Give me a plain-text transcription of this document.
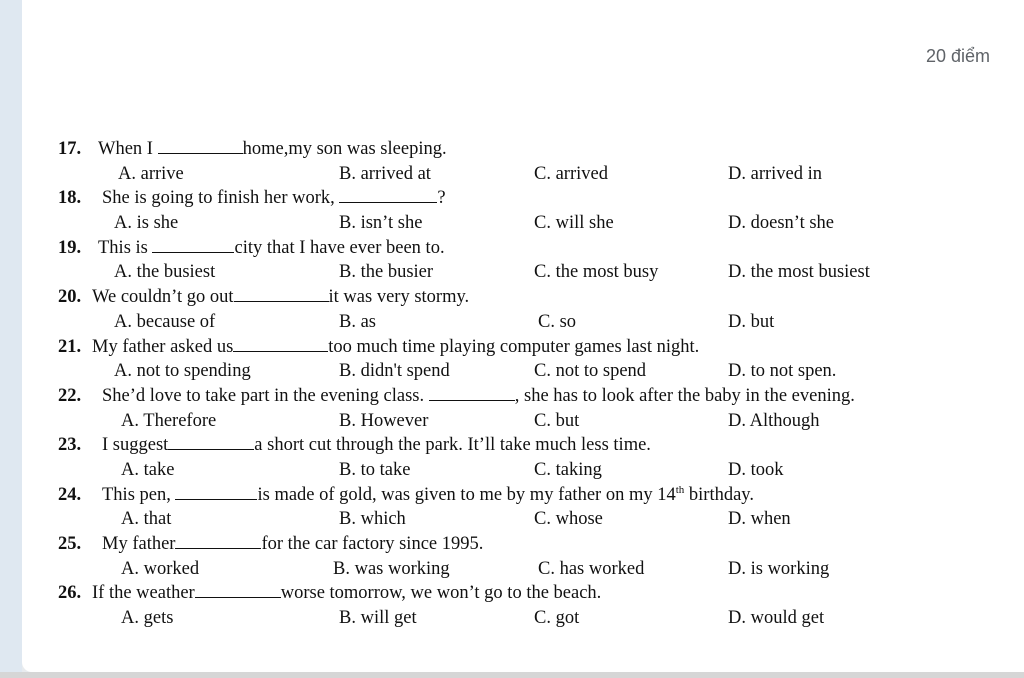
20 điểm
17. When I	home,my son was sleeping.
A. arrive	B. arrived at	C. arrived	D. arrived in
18. She is going to finish her work,	?
A. is she	B. isn’t she	C. will she	D. doesn’t she
19. This is	city that I have ever been to.
A. the busiest	B. the busier	C. the most busy	D. the most busiest
20. We couldn’t go out	it was very stormy.
A. because of	B. as	C. so	D. but
21. My father asked us	too much time playing computer games last night.
A. not to spending	B. didn't spend	C. not to spend	D. to not spen.
22. She’d love to take part in the evening class.	, she has to look after the baby in the evening.
A. Therefore	B. However	C. but	D. Although
23. I suggest	a short cut through the park. It’ll take much less time.
A. take	B. to take	C. taking	D. took
24. This pen,	is made of gold, was given to me by my father on my 14th birthday.
A. that	B. which	C. whose	D. when
25. My father	for the car factory since 1995.
A. worked	B. was working	C. has worked	D. is working
26. If the weather	worse tomorrow, we won’t go to the beach.
A. gets	B. will get	C. got	D. would get
